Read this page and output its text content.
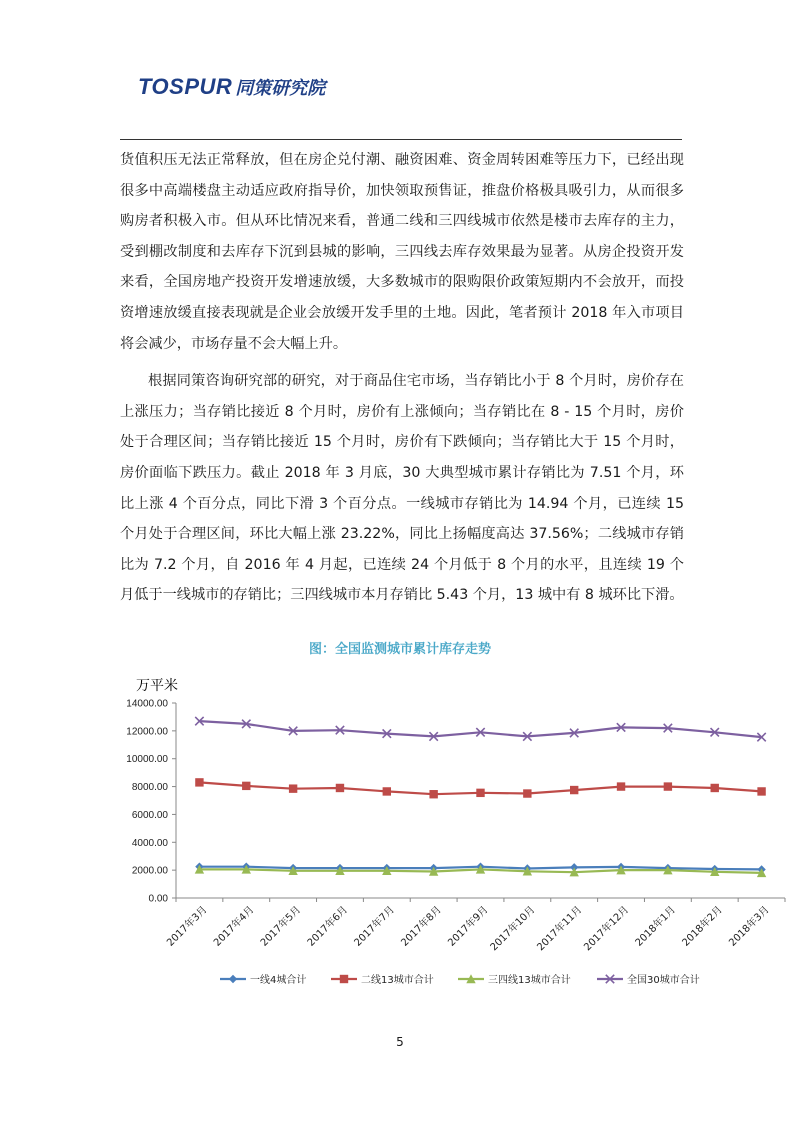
TOSPUR 同策研究院

货值积压无法正常释放，但在房企兑付潮、融资困难、资金周转困难等压力下，已经出现很多中高端楼盘主动适应政府指导价，加快领取预售证，推盘价格极具吸引力，从而很多购房者积极入市。但从环比情况来看，普通二线和三四线城市依然是楼市去库存的主力，受到棚改制度和去库存下沉到县城的影响，三四线去库存效果最为显著。从房企投资开发来看，全国房地产投资开发增速放缓，大多数城市的限购限价政策短期内不会放开，而投资增速放缓直接表现就是企业会放缓开发手里的土地。因此，笔者预计 2018 年入市项目将会减少，市场存量不会大幅上升。

根据同策咨询研究部的研究，对于商品住宅市场，当存销比小于 8 个月时，房价存在上涨压力；当存销比接近 8 个月时，房价有上涨倾向；当存销比在 8 - 15 个月时，房价处于合理区间；当存销比接近 15 个月时，房价有下跌倾向；当存销比大于 15 个月时，房价面临下跌压力。截止 2018 年 3 月底，30 大典型城市累计存销比为 7.51 个月，环比上涨 4 个百分点，同比下滑 3 个百分点。一线城市存销比为 14.94 个月，已连续 15 个月处于合理区间，环比大幅上涨 23.22%，同比上扬幅度高达 37.56%；二线城市存销比为 7.2 个月，自 2016 年 4 月起，已连续 24 个月低于 8 个月的水平，且连续 19 个月低于一线城市的存销比；三四线城市本月存销比 5.43 个月，13 城中有 8 城环比下滑。

图：全国监测城市累计库存走势
万平米
0.00
2000.00
4000.00
6000.00
8000.00
10000.00
12000.00
14000.00
2017年3月 2017年4月 2017年5月 2017年6月 2017年7月 2017年8月 2017年9月
2017年10月
2017年11月
2017年12月 2018年1月 2018年2月 2018年3月
一线4城合计	二线13城市合计	三四线13城市合计	全国30城市合计
5
